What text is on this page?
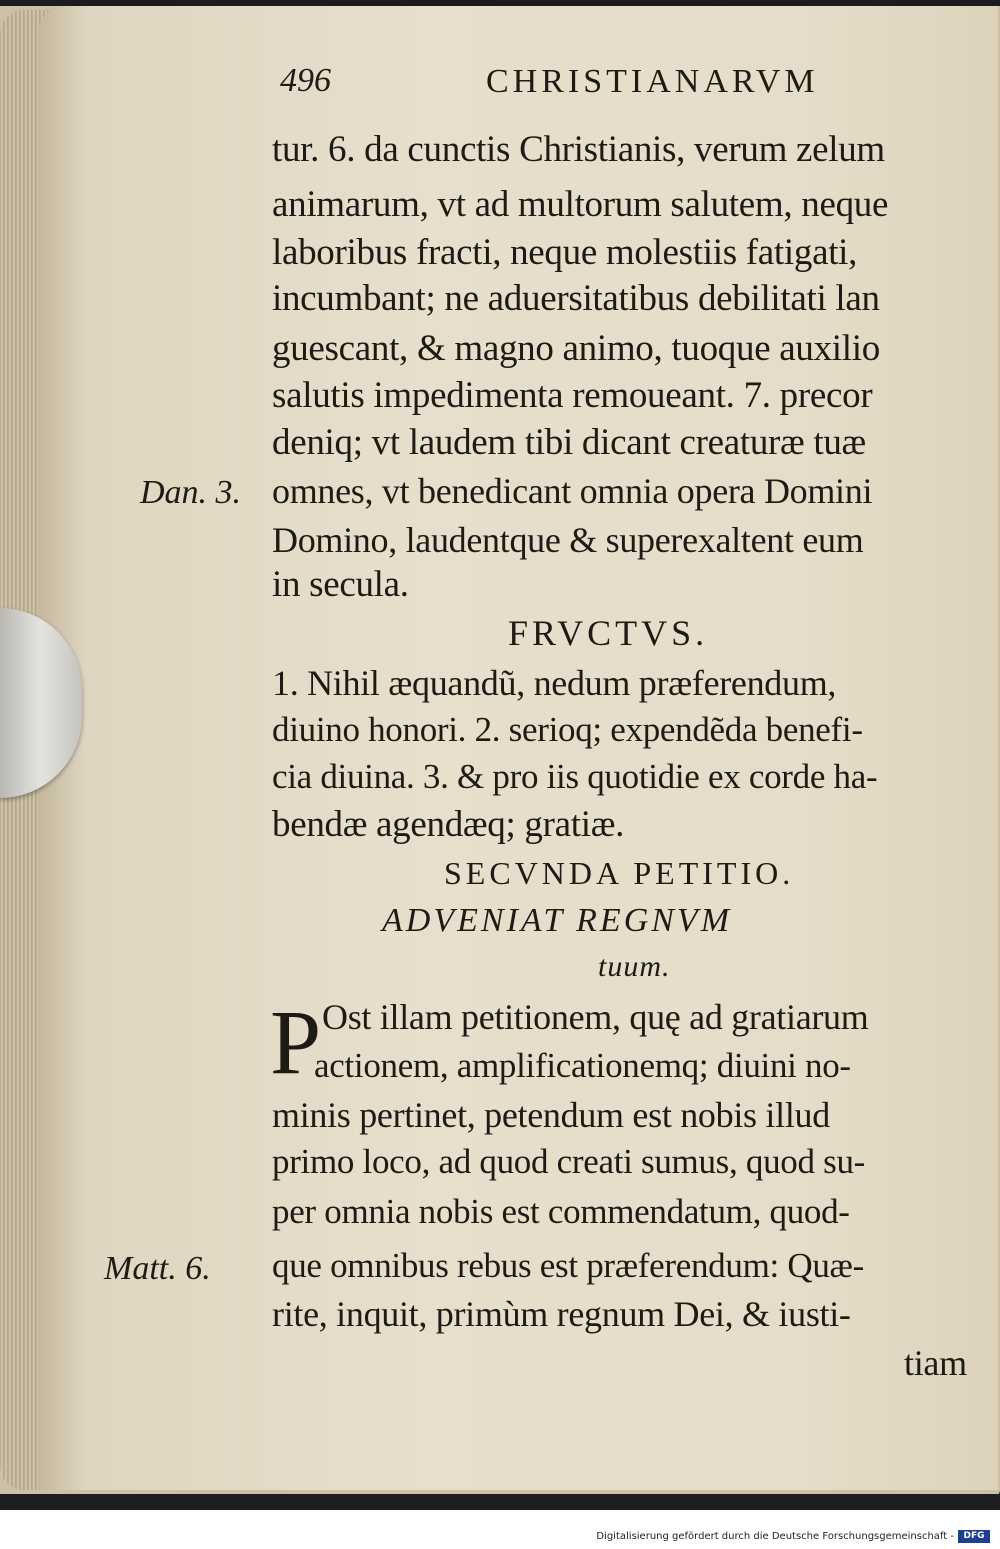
496	CHRISTIANARVM
tur. 6. da cunctis Christianis, verum zelum
animarum, vt ad multorum salutem, neque
laboribus fracti, neque molestiis fatigati,
incumbant; ne aduersitatibus debilitati lan
guescant, & magno animo, tuoque auxilio
salutis impedimenta remoueant. 7. precor
deniq; vt laudem tibi dicant creaturæ tuæ
omnes, vt benedicant omnia opera Domini
Domino, laudentque & superexaltent eum
in secula.
Dan. 3.
FRVCTVS.
1. Nihil æquandũ, nedum præferendum,
diuino honori. 2. serioq; expendẽda benefi-
cia diuina. 3. & pro iis quotidie ex corde ha-
bendæ agendæq; gratiæ.
SECVNDA PETITIO.
ADVENIAT REGNVM
tuum.
P Ost illam petitionem, quę ad gratiarum
actionem, amplificationemq; diuini no-
minis pertinet, petendum est nobis illud
primo loco, ad quod creati sumus, quod su-
per omnia nobis est commendatum, quod-
que omnibus rebus est præferendum: Quæ-
rite, inquit, primùm regnum Dei, & iusti-
tiam
Matt. 6.
Digitalisierung gefördert durch die Deutsche Forschungsgemeinschaft -	DFG
